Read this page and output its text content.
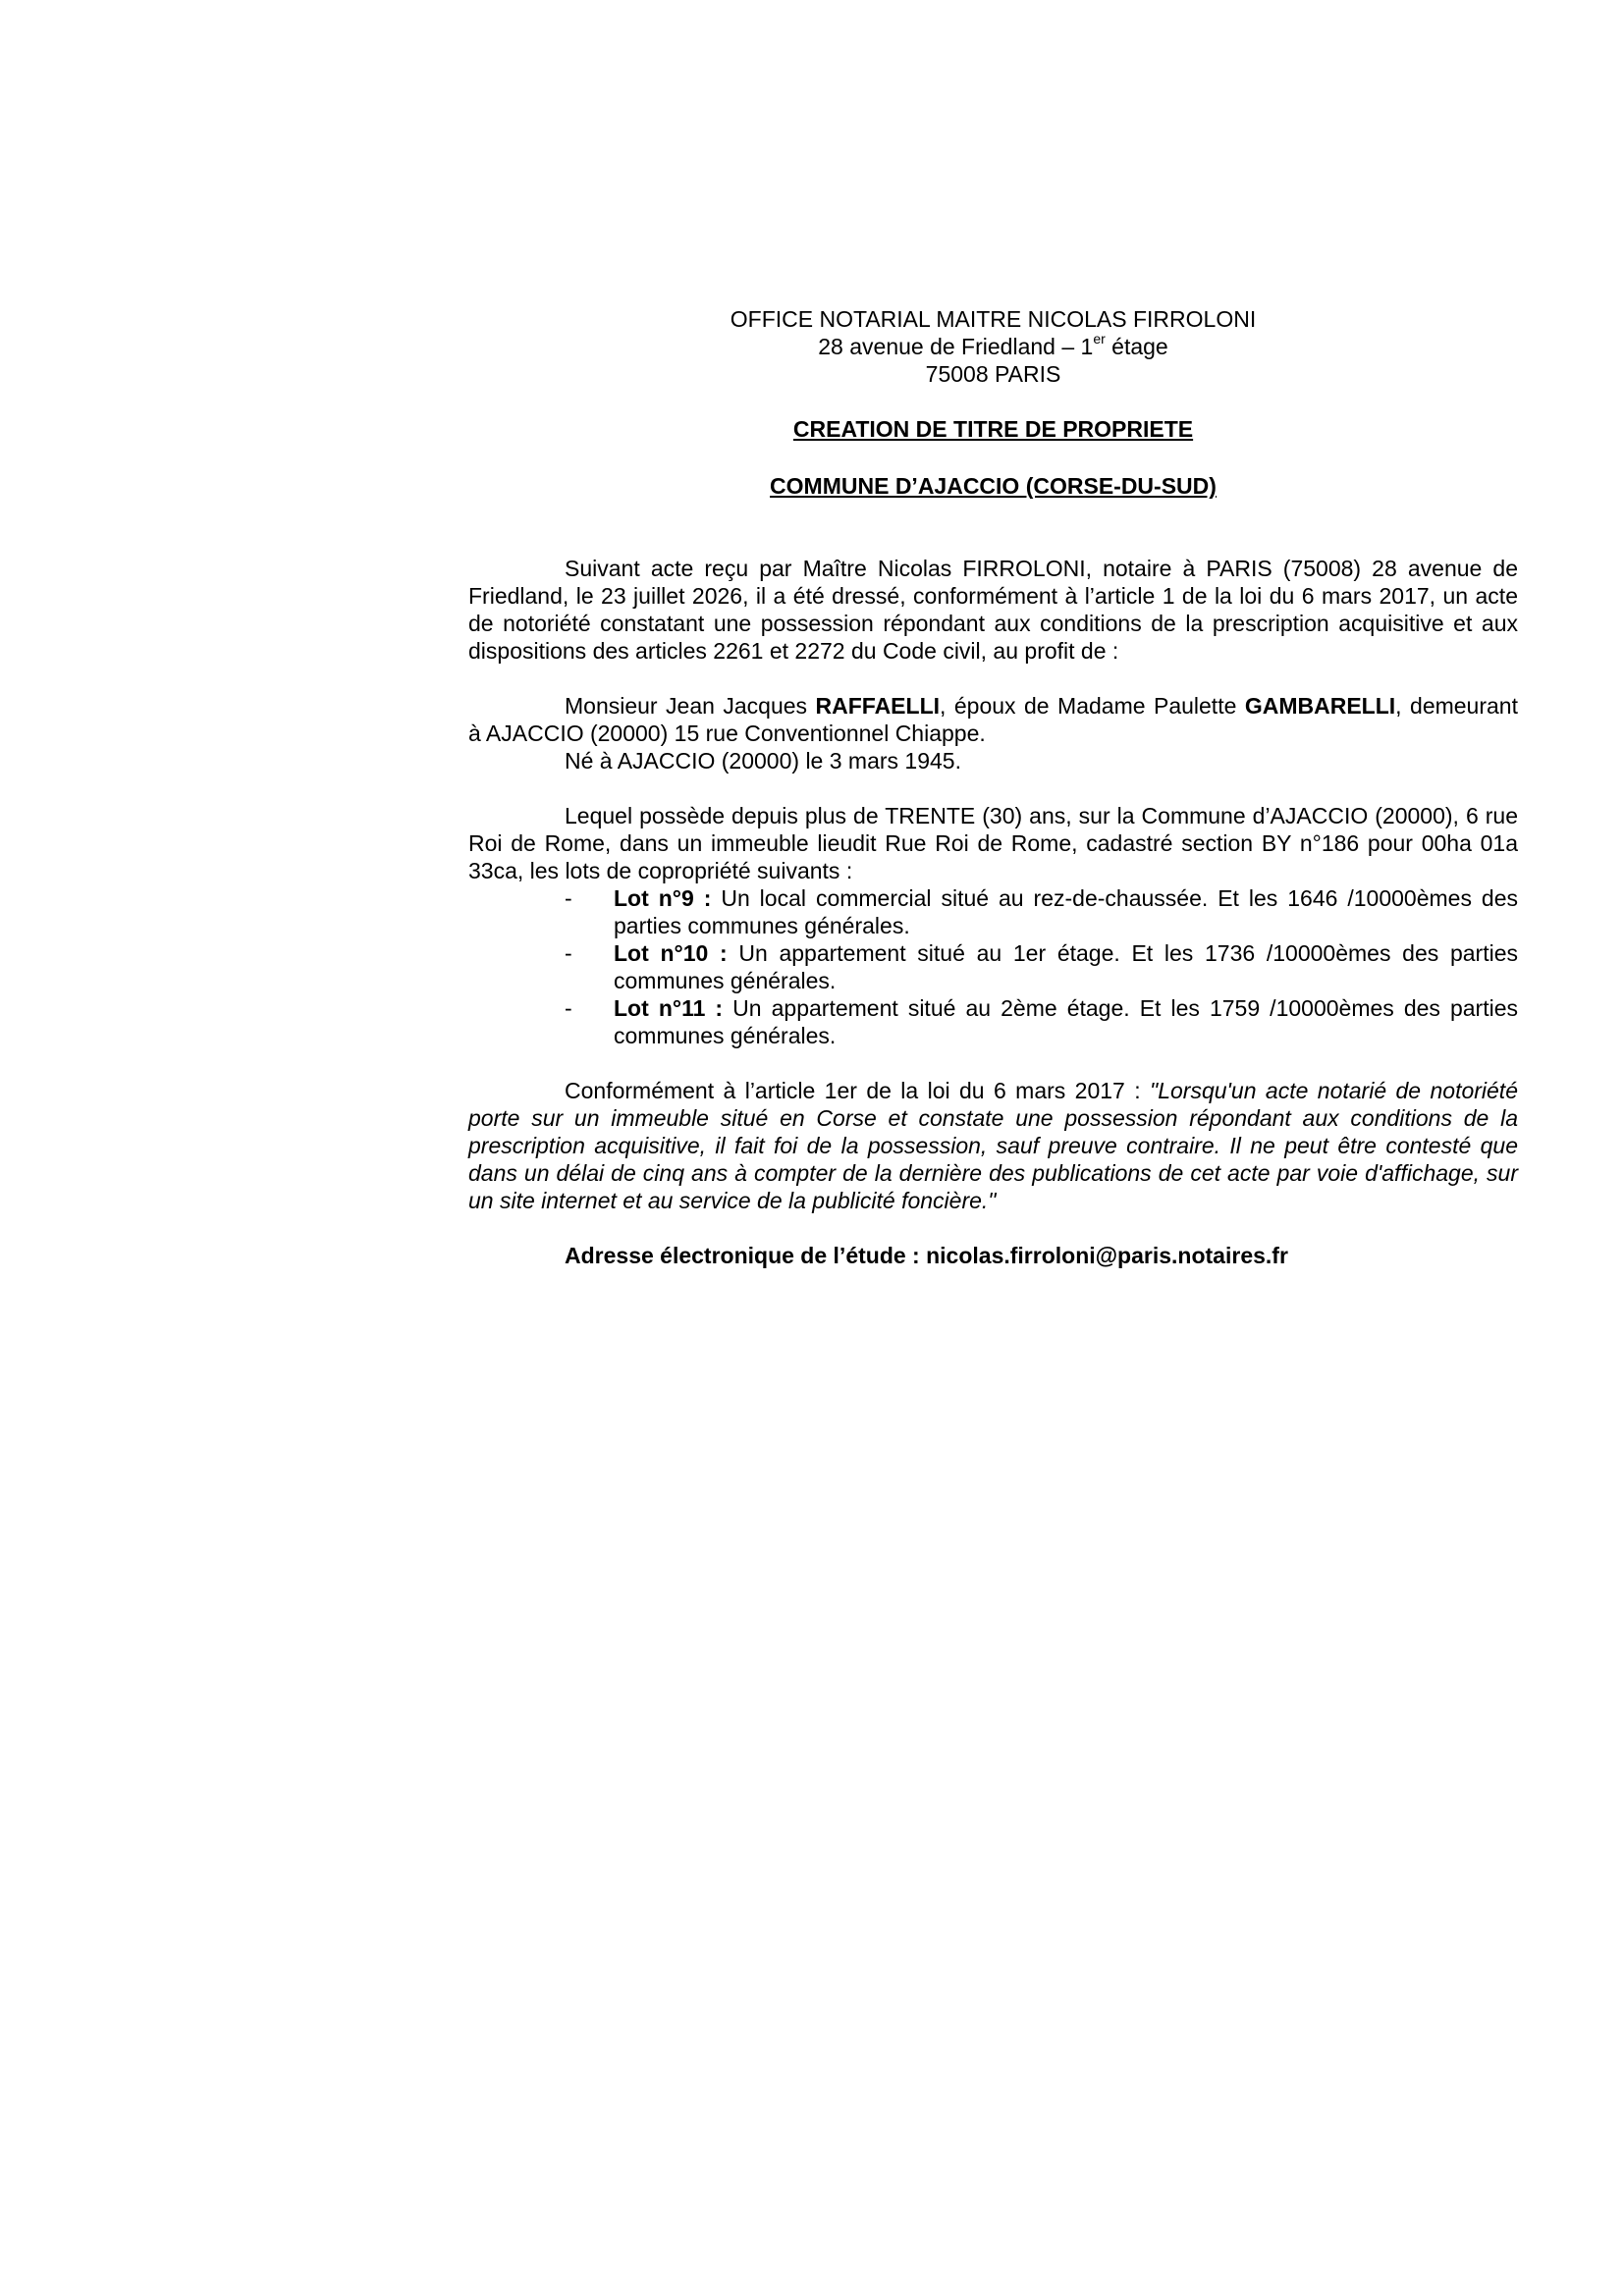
OFFICE NOTARIAL MAITRE NICOLAS FIRROLONI
28 avenue de Friedland – 1er étage
75008 PARIS
CREATION DE TITRE DE PROPRIETE
COMMUNE D’AJACCIO (CORSE-DU-SUD)

Suivant acte reçu par Maître Nicolas FIRROLONI, notaire à PARIS (75008) 28 avenue de Friedland, le 23 juillet 2026, il a été dressé, conformément à l’article 1 de la loi du 6 mars 2017, un acte de notoriété constatant une possession répondant aux conditions de la prescription acquisitive et aux dispositions des articles 2261 et 2272 du Code civil, au profit de :

Monsieur Jean Jacques RAFFAELLI, époux de Madame Paulette GAMBARELLI, demeurant à AJACCIO (20000) 15 rue Conventionnel Chiappe.

Né à AJACCIO (20000) le 3 mars 1945.

Lequel possède depuis plus de TRENTE (30) ans, sur la Commune d’AJACCIO (20000), 6 rue Roi de Rome, dans un immeuble lieudit Rue Roi de Rome, cadastré section BY n°186 pour 00ha 01a 33ca, les lots de copropriété suivants :

- Lot n°9 : Un local commercial situé au rez-de-chaussée. Et les 1646 /10000èmes des parties communes générales.
- Lot n°10 : Un appartement situé au 1er étage. Et les 1736 /10000èmes des parties communes générales.
- Lot n°11 : Un appartement situé au 2ème étage. Et les 1759 /10000èmes des parties communes générales.

Conformément à l’article 1er de la loi du 6 mars 2017 : "Lorsqu'un acte notarié de notoriété porte sur un immeuble situé en Corse et constate une possession répondant aux conditions de la prescription acquisitive, il fait foi de la possession, sauf preuve contraire. Il ne peut être contesté que dans un délai de cinq ans à compter de la dernière des publications de cet acte par voie d'affichage, sur un site internet et au service de la publicité foncière."

Adresse électronique de l’étude : nicolas.firroloni@paris.notaires.fr
